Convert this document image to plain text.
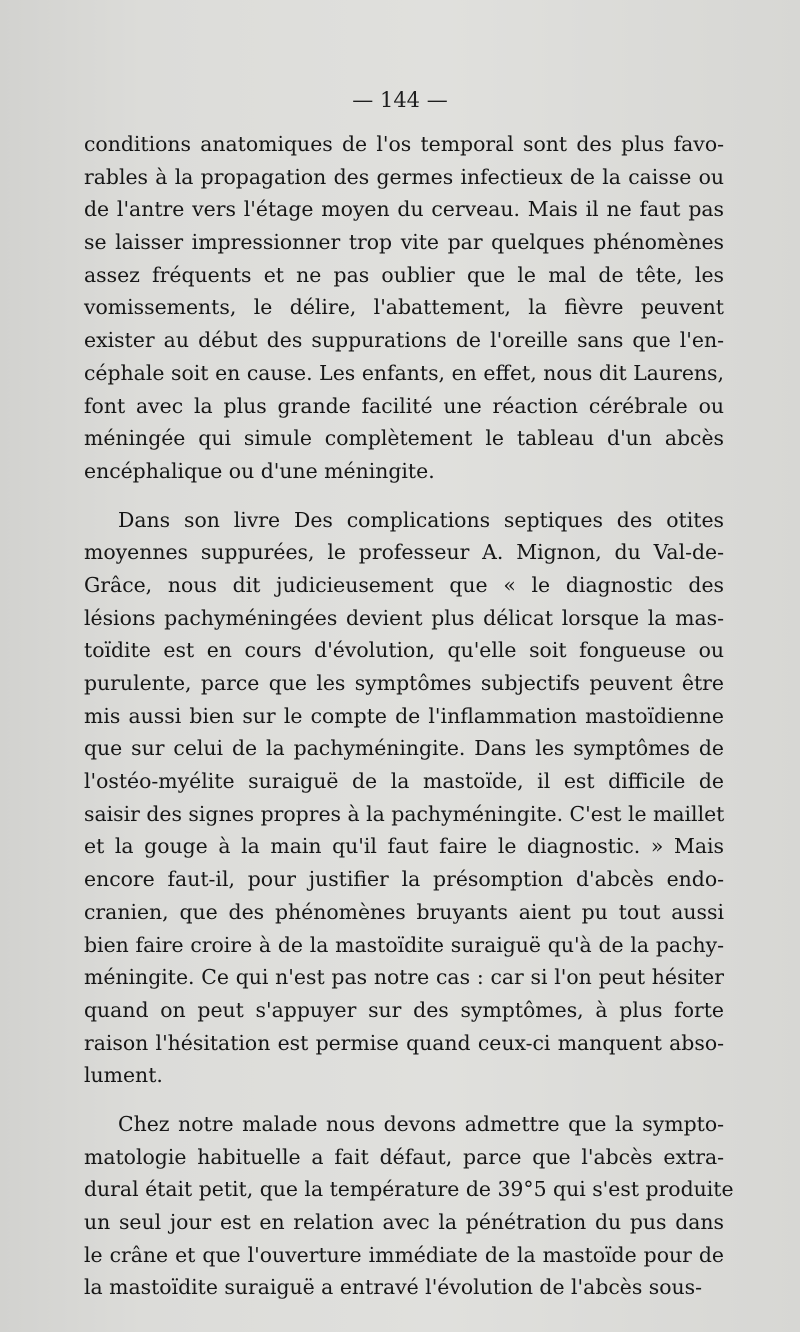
— 144 —

conditions anatomiques de l'os temporal sont des plus favo-
rables à la propagation des germes infectieux de la caisse ou
de l'antre vers l'étage moyen du cerveau. Mais il ne faut pas
se laisser impressionner trop vite par quelques phénomènes
assez fréquents et ne pas oublier que le mal de tête, les
vomissements, le délire, l'abattement, la fièvre peuvent
exister au début des suppurations de l'oreille sans que l'en-
céphale soit en cause. Les enfants, en effet, nous dit Laurens,
font avec la plus grande facilité une réaction cérébrale ou
méningée qui simule complètement le tableau d'un abcès
encéphalique ou d'une méningite.
Dans son livre Des complications septiques des otites
moyennes suppurées, le professeur A. Mignon, du Val-de-
Grâce, nous dit judicieusement que « le diagnostic des
lésions pachyméningées devient plus délicat lorsque la mas-
toïdite est en cours d'évolution, qu'elle soit fongueuse ou
purulente, parce que les symptômes subjectifs peuvent être
mis aussi bien sur le compte de l'inflammation mastoïdienne
que sur celui de la pachyméningite. Dans les symptômes de
l'ostéo-myélite suraiguë de la mastoïde, il est difficile de
saisir des signes propres à la pachyméningite. C'est le maillet
et la gouge à la main qu'il faut faire le diagnostic. » Mais
encore faut-il, pour justifier la présomption d'abcès endo-
cranien, que des phénomènes bruyants aient pu tout aussi
bien faire croire à de la mastoïdite suraiguë qu'à de la pachy-
méningite. Ce qui n'est pas notre cas : car si l'on peut hésiter
quand on peut s'appuyer sur des symptômes, à plus forte
raison l'hésitation est permise quand ceux-ci manquent abso-
lument.
Chez notre malade nous devons admettre que la sympto-
matologie habituelle a fait défaut, parce que l'abcès extra-
dural était petit, que la température de 39°5 qui s'est produite
un seul jour est en relation avec la pénétration du pus dans
le crâne et que l'ouverture immédiate de la mastoïde pour de
la mastoïdite suraiguë a entravé l'évolution de l'abcès sous-
